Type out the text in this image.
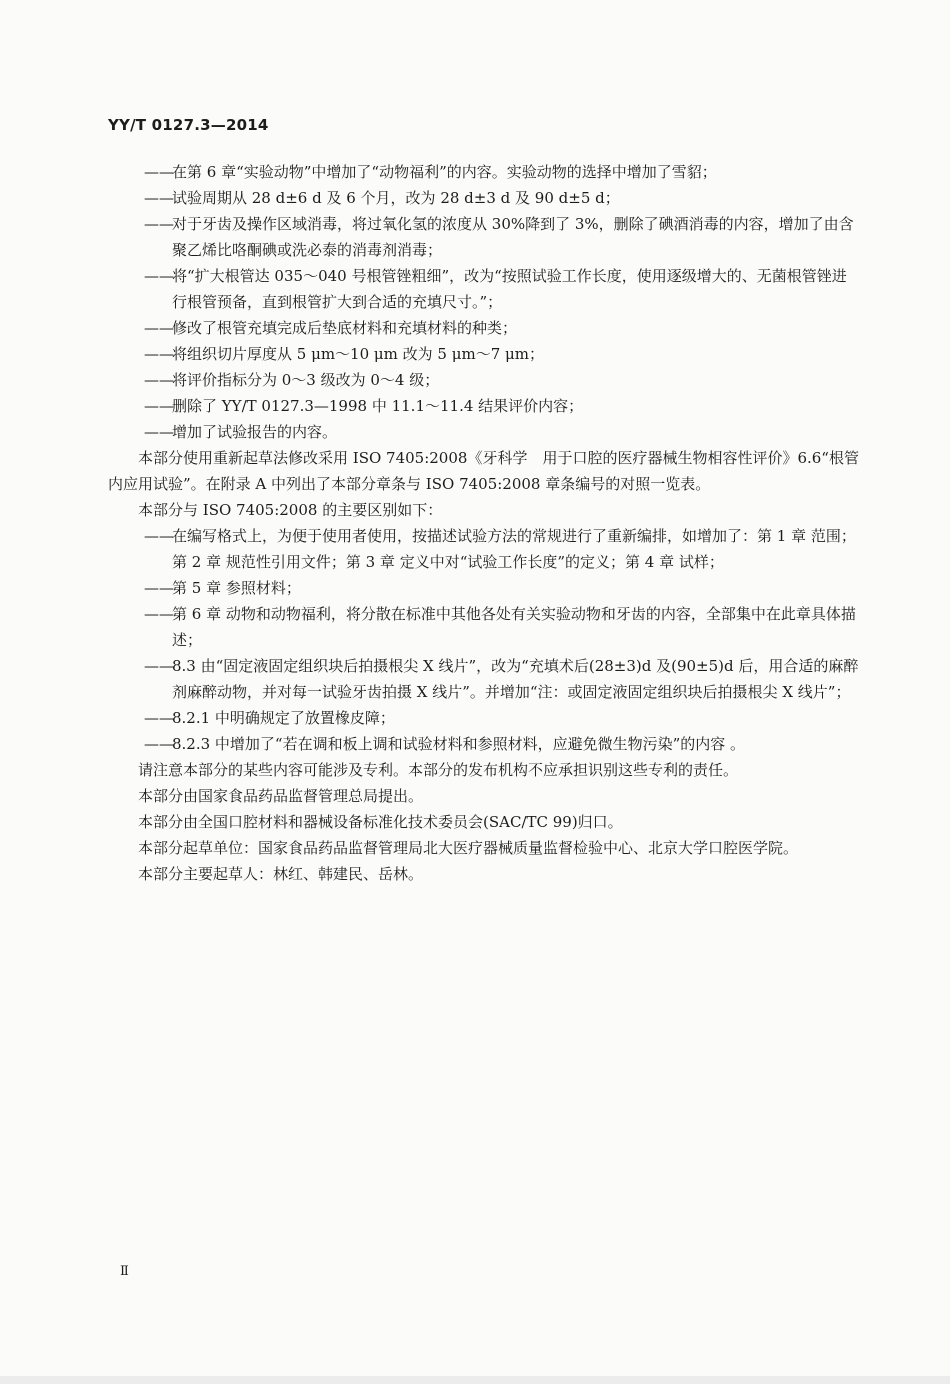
YY/T 0127.3—2014
——
在第 6 章“实验动物”中增加了“动物福利”的内容。实验动物的选择中增加了雪貂；
——
试验周期从 28 d±6 d 及 6 个月，改为 28 d±3 d 及 90 d±5 d；
——
对于牙齿及操作区域消毒，将过氧化氢的浓度从 30%降到了 3%，删除了碘酒消毒的内容，增加了由含聚乙烯比咯酮碘或洗必泰的消毒剂消毒；
——
将“扩大根管达 035～040 号根管锉粗细”，改为“按照试验工作长度，使用逐级增大的、无菌根管锉进行根管预备，直到根管扩大到合适的充填尺寸。”；
——
修改了根管充填完成后垫底材料和充填材料的种类；
——
将组织切片厚度从 5 μm～10 μm 改为 5 μm～7 μm；
——
将评价指标分为 0～3 级改为 0～4 级；
——
删除了 YY/T 0127.3—1998 中 11.1～11.4 结果评价内容；
——
增加了试验报告的内容。
本部分使用重新起草法修改采用 ISO 7405:2008《牙科学　用于口腔的医疗器械生物相容性评价》6.6“根管内应用试验”。在附录 A 中列出了本部分章条与 ISO 7405:2008 章条编号的对照一览表。
本部分与 ISO 7405:2008 的主要区别如下：
——
在编写格式上，为便于使用者使用，按描述试验方法的常规进行了重新编排，如增加了：第 1 章 范围；第 2 章 规范性引用文件；第 3 章 定义中对“试验工作长度”的定义；第 4 章 试样；
——
第 5 章 参照材料；
——
第 6 章 动物和动物福利，将分散在标准中其他各处有关实验动物和牙齿的内容，全部集中在此章具体描述；
——
8.3 由“固定液固定组织块后拍摄根尖 X 线片”，改为“充填术后(28±3)d 及(90±5)d 后，用合适的麻醉剂麻醉动物，并对每一试验牙齿拍摄 X 线片”。并增加“注：或固定液固定组织块后拍摄根尖 X 线片”；
——
8.2.1 中明确规定了放置橡皮障；
——
8.2.3 中增加了“若在调和板上调和试验材料和参照材料，应避免微生物污染”的内容 。
请注意本部分的某些内容可能涉及专利。本部分的发布机构不应承担识别这些专利的责任。
本部分由国家食品药品监督管理总局提出。
本部分由全国口腔材料和器械设备标准化技术委员会(SAC/TC 99)归口。
本部分起草单位：国家食品药品监督管理局北大医疗器械质量监督检验中心、北京大学口腔医学院。
本部分主要起草人：林红、韩建民、岳林。
Ⅱ
